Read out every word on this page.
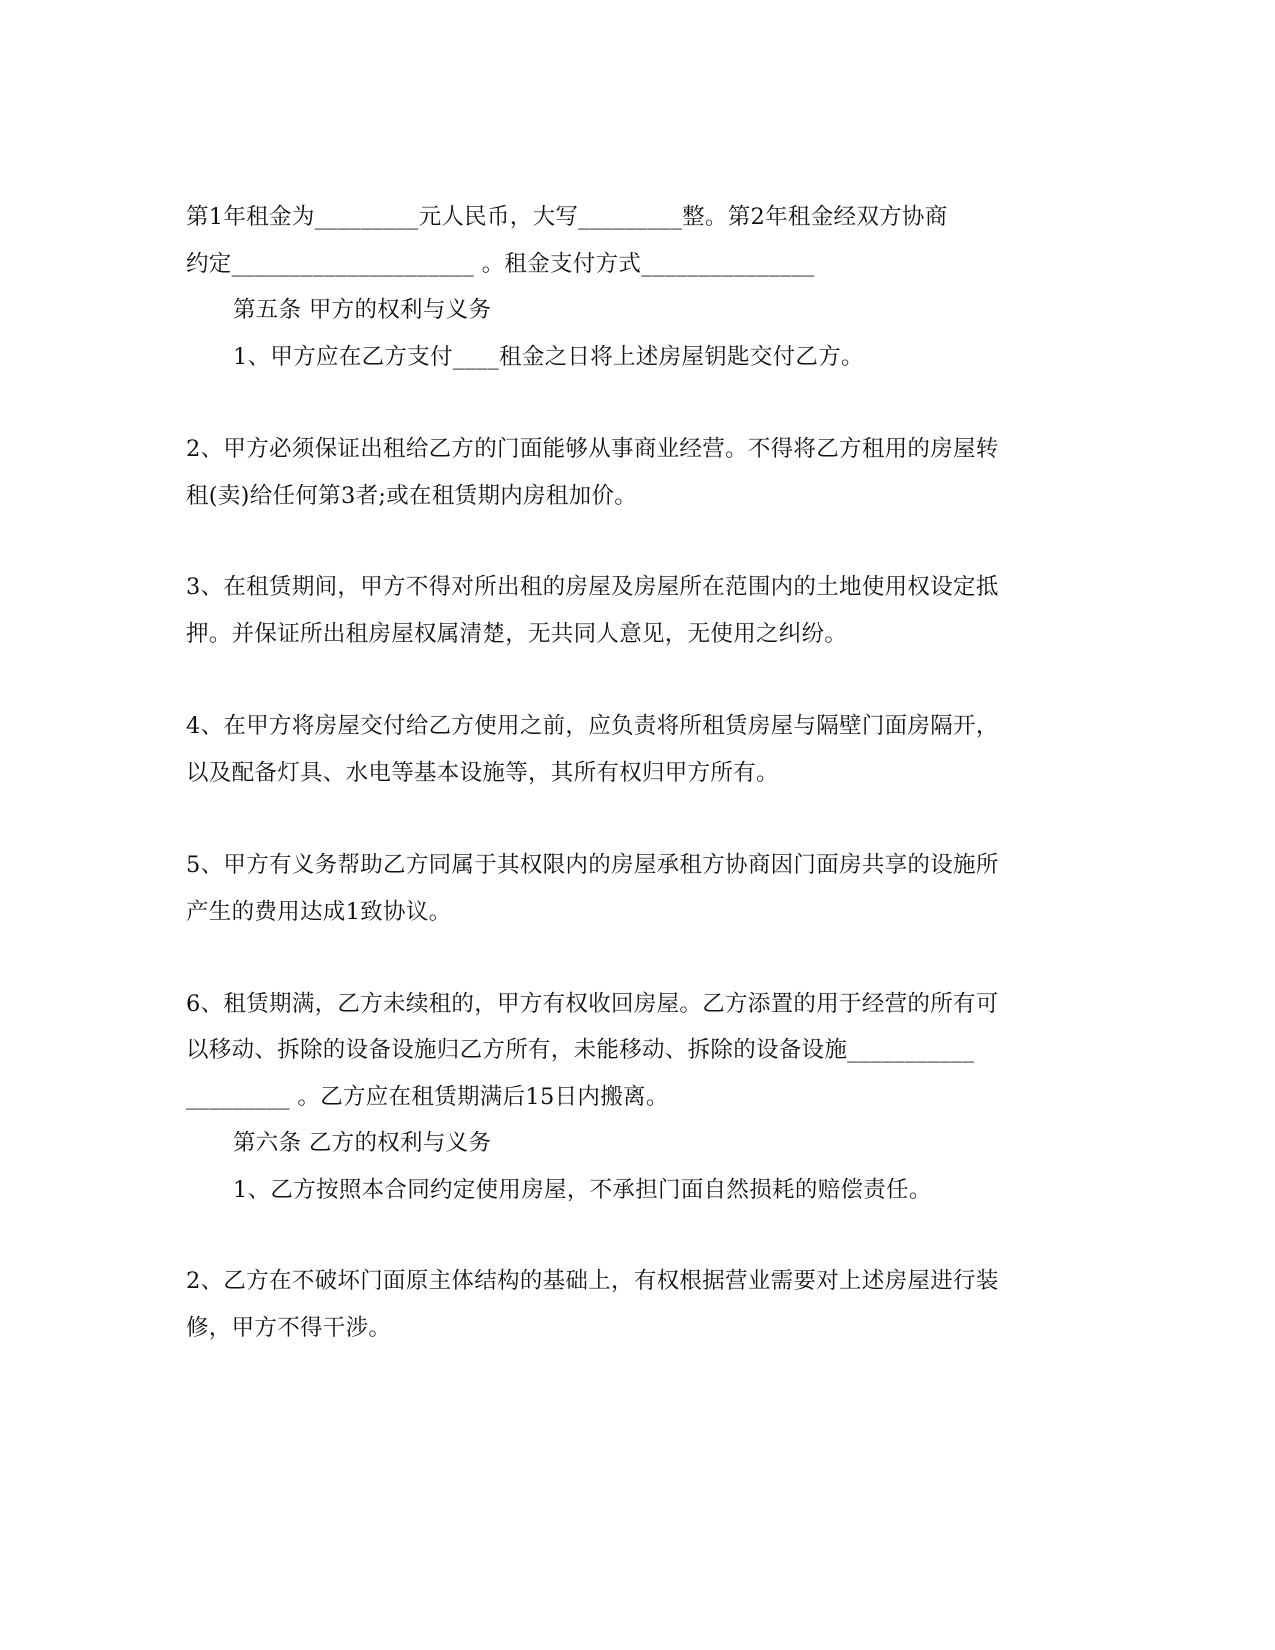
第1年租金为_________元人民币，大写_________整。第2年租金经双方协商
约定_____________________ 。租金支付方式_______________
第五条 甲方的权利与义务
1、甲方应在乙方支付____租金之日将上述房屋钥匙交付乙方。
2、甲方必须保证出租给乙方的门面能够从事商业经营。不得将乙方租用的房屋转
租(卖)给任何第3者;或在租赁期内房租加价。
3、在租赁期间，甲方不得对所出租的房屋及房屋所在范围内的土地使用权设定抵
押。并保证所出租房屋权属清楚，无共同人意见，无使用之纠纷。
4、在甲方将房屋交付给乙方使用之前，应负责将所租赁房屋与隔壁门面房隔开，
以及配备灯具、水电等基本设施等，其所有权归甲方所有。
5、甲方有义务帮助乙方同属于其权限内的房屋承租方协商因门面房共享的设施所
产生的费用达成1致协议。
6、租赁期满，乙方未续租的，甲方有权收回房屋。乙方添置的用于经营的所有可
以移动、拆除的设备设施归乙方所有，未能移动、拆除的设备设施___________
_________ 。乙方应在租赁期满后15日内搬离。
第六条 乙方的权利与义务
1、乙方按照本合同约定使用房屋，不承担门面自然损耗的赔偿责任。
2、乙方在不破坏门面原主体结构的基础上，有权根据营业需要对上述房屋进行装
修，甲方不得干涉。
